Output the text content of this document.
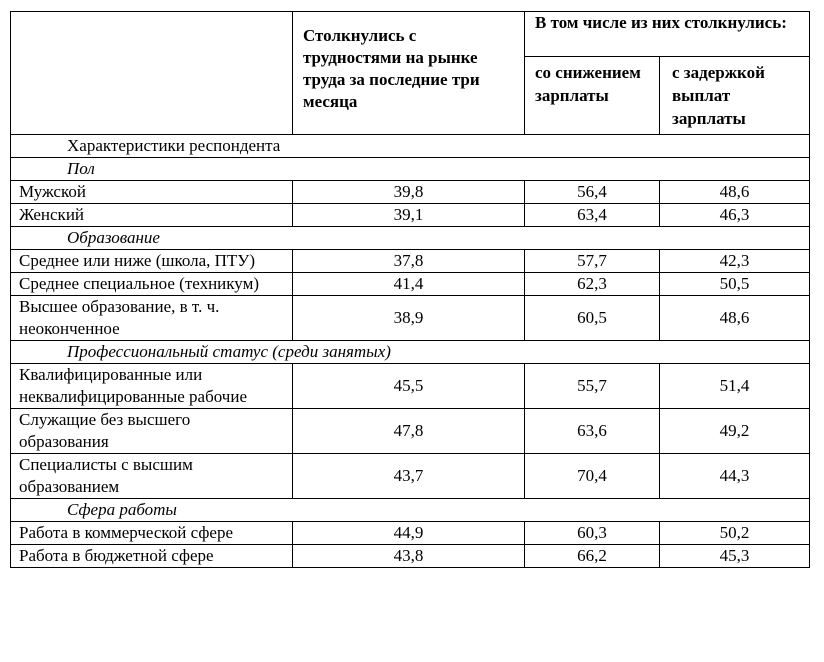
	Столкнулись с трудностями на рынке труда за последние три месяца	В том числе из них столкнулись:	
		со снижением зарплаты	с задержкой выплат зарплаты
Характеристики респондента			
Пол			
Мужской	39,8	56,4	48,6
Женский	39,1	63,4	46,3
Образование			
Среднее или ниже (школа, ПТУ)	37,8	57,7	42,3
Среднее специальное (техникум)	41,4	62,3	50,5
Высшее образование, в т. ч. неоконченное	38,9	60,5	48,6
Профессиональный статус (среди занятых)			
Квалифицированные или неквалифицированные рабочие	45,5	55,7	51,4
Служащие без высшего образования	47,8	63,6	49,2
Специалисты с высшим образованием	43,7	70,4	44,3
Сфера работы			
Работа в коммерческой сфере	44,9	60,3	50,2
Работа в бюджетной сфере	43,8	66,2	45,3
